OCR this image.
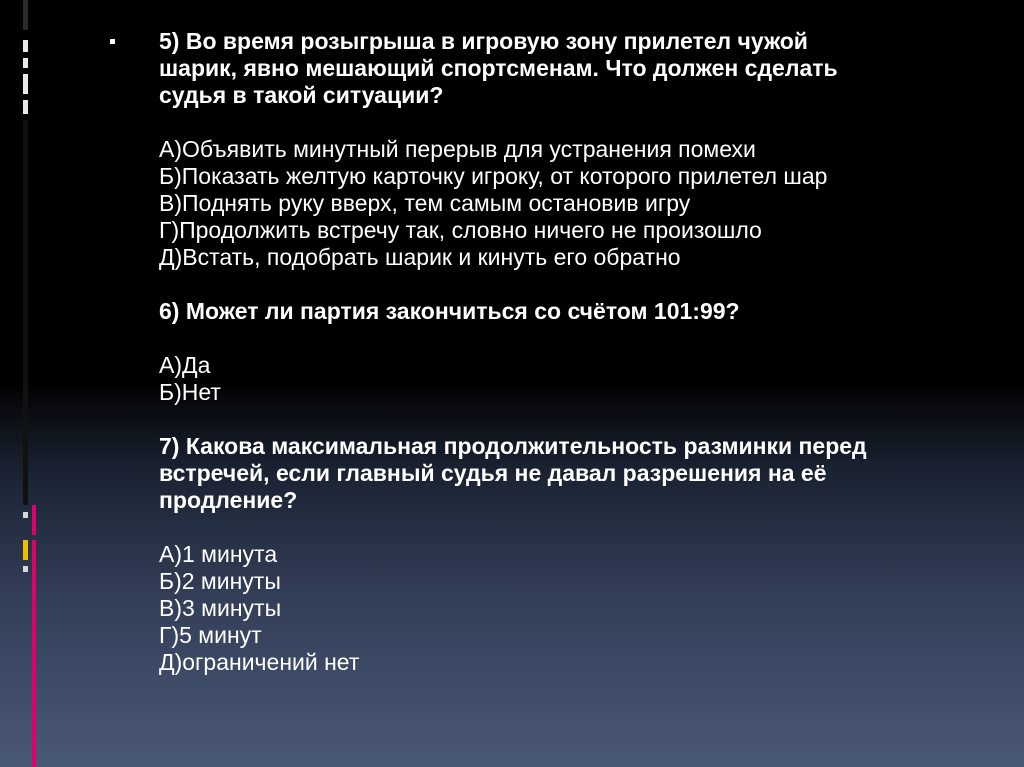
5) Во время розыгрыша в игровую зону прилетел чужой
шарик, явно мешающий спортсменам. Что должен сделать
судья в такой ситуации?

А)Объявить минутный перерыв для устранения помехи

Б)Показать желтую карточку игроку, от которого прилетел шар

В)Поднять руку вверх, тем самым остановив игру

Г)Продолжить встречу так, словно ничего не произошло

Д)Встать, подобрать шарик и кинуть его обратно

6) Может ли партия закончиться со счётом 101:99?

А)Да

Б)Нет

7) Какова максимальная продолжительность разминки перед
встречей, если главный судья не давал разрешения на её
продление?

А)1 минута

Б)2 минуты

В)3 минуты

Г)5 минут

Д)ограничений нет
